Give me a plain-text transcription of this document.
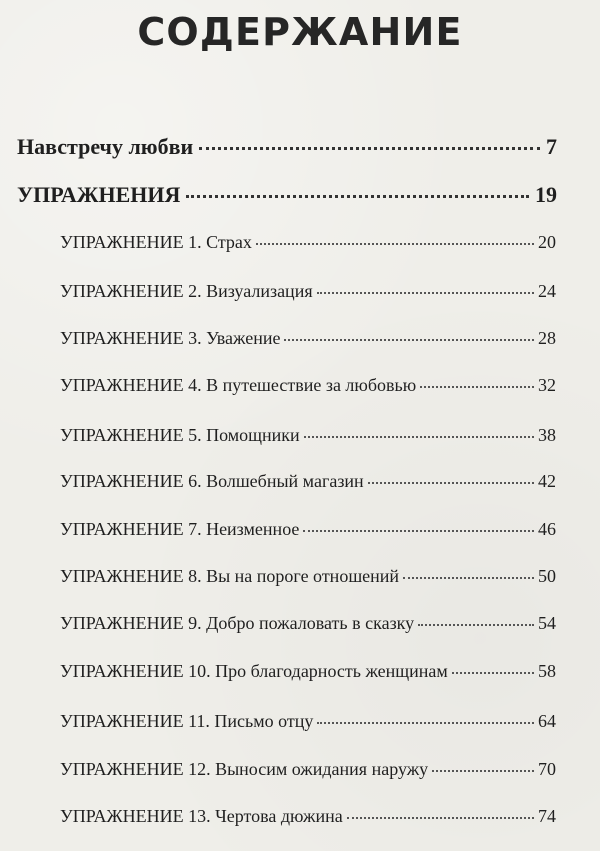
СОДЕРЖАНИЕ
Навстречу любви	7
УПРАЖНЕНИЯ	19
УПРАЖНЕНИЕ 1. Страх	20
УПРАЖНЕНИЕ 2. Визуализация	24
УПРАЖНЕНИЕ 3. Уважение	28
УПРАЖНЕНИЕ 4. В путешествие за любовью	32
УПРАЖНЕНИЕ 5. Помощники	38
УПРАЖНЕНИЕ 6. Волшебный магазин	42
УПРАЖНЕНИЕ 7. Неизменное	46
УПРАЖНЕНИЕ 8. Вы на пороге отношений	50
УПРАЖНЕНИЕ 9. Добро пожаловать в сказку	54
УПРАЖНЕНИЕ 10. Про благодарность женщинам	58
УПРАЖНЕНИЕ 11. Письмо отцу	64
УПРАЖНЕНИЕ 12. Выносим ожидания наружу	70
УПРАЖНЕНИЕ 13. Чертова дюжина	74
